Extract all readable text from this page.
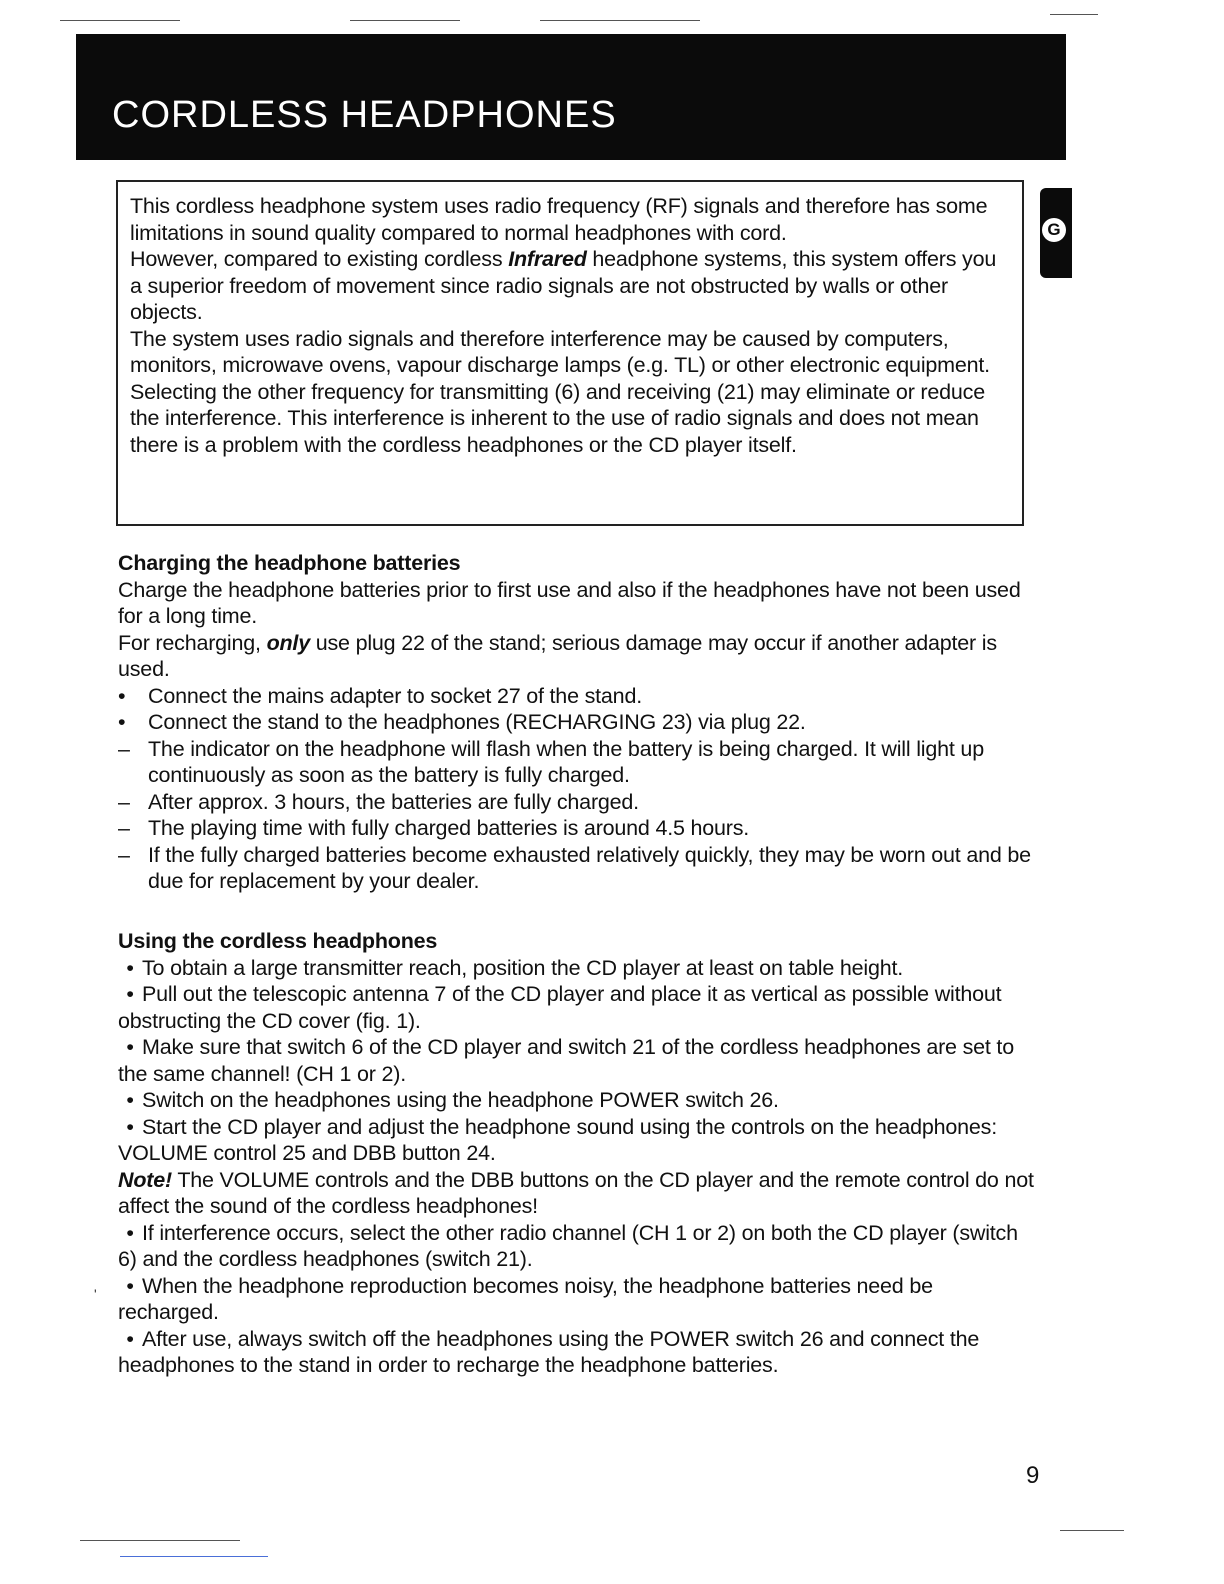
CORDLESS HEADPHONES
G

This cordless headphone system uses radio frequency (RF) signals and therefore has some limitations in sound quality compared to normal headphones with cord.

However, compared to existing cordless Infrared headphone systems, this system offers you a superior freedom of movement since radio signals are not obstructed by walls or other objects.

The system uses radio signals and therefore interference may be caused by computers, monitors, microwave ovens, vapour discharge lamps (e.g. TL) or other electronic equipment. Selecting the other frequency for transmitting (6) and receiving (21) may eliminate or reduce the interference. This interference is inherent to the use of radio signals and does not mean there is a problem with the cordless headphones or the CD player itself.

Charging the headphone batteries

Charge the headphone batteries prior to first use and also if the headphones have not been used for a long time.

For recharging, only use plug 22 of the stand; serious damage may occur if another adapter is used.

•	Connect the mains adapter to socket 27 of the stand.
•	Connect the stand to the headphones (RECHARGING 23) via plug 22.
– The indicator on the headphone will flash when the battery is being charged. It will light up continuously as soon as the battery is fully charged.
– After approx. 3 hours, the batteries are fully charged.
– The playing time with fully charged batteries is around 4.5 hours.
– If the fully charged batteries become exhausted relatively quickly, they may be worn out and be due for replacement by your dealer.

Using the cordless headphones

• To obtain a large transmitter reach, position the CD player at least on table height.

• Pull out the telescopic antenna 7 of the CD player and place it as vertical as possible without obstructing the CD cover (fig. 1).

• Make sure that switch 6 of the CD player and switch 21 of the cordless headphones are set to the same channel! (CH 1 or 2).

• Switch on the headphones using the headphone POWER switch 26.

• Start the CD player and adjust the headphone sound using the controls on the headphones: VOLUME control 25 and DBB button 24.

Note! The VOLUME controls and the DBB buttons on the CD player and the remote control do not affect the sound of the cordless headphones!

• If interference occurs, select the other radio channel (CH 1 or 2) on both the CD player (switch 6) and the cordless headphones (switch 21).

• When the headphone reproduction becomes noisy, the headphone batteries need be recharged.

• After use, always switch off the headphones using the POWER switch 26 and connect the headphones to the stand in order to recharge the headphone batteries.

'
9
